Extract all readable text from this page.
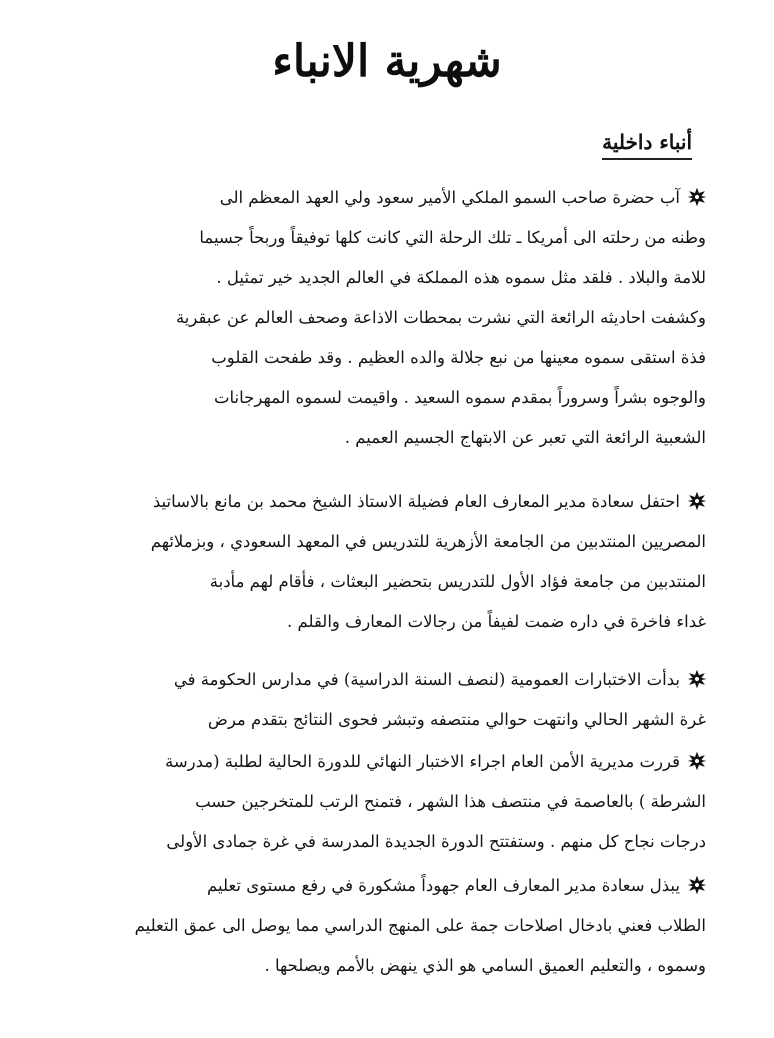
شهرية الانباء
أنباء داخلية
آب حضرة صاحب السمو الملكي الأمير سعود ولي العهد المعظم الى
وطنه من رحلته الى أمريكا ـ تلك الرحلة التي كانت كلها توفيقاً وربحاً جسيما
للامة والبلاد . فلقد مثل سموه هذه المملكة في العالم الجديد خير تمثيل .
وكشفت احاديثه الرائعة التي نشرت بمحطات الاذاعة وصحف العالم عن عبقرية
فذة استقى سموه معينها من نبع جلالة والده العظيم . وقد طفحت القلوب
والوجوه بشراً وسروراً بمقدم سموه السعيد . واقيمت لسموه المهرجانات
الشعبية الرائعة التي تعبر عن الابتهاج الجسيم العميم .
احتفل سعادة مدير المعارف العام فضيلة الاستاذ الشيخ محمد بن مانع بالاساتيذ
المصريين المنتدبين من الجامعة الأزهرية للتدريس في المعهد السعودي ، وبزملائهم
المنتدبين من جامعة فؤاد الأول للتدريس بتحضير البعثات ، فأقام لهم مأدبة
غداء فاخرة في داره ضمت لفيفاً من رجالات المعارف والقلم .
بدأت الاختبارات العمومية (لنصف السنة الدراسية) في مدارس الحكومة في
غرة الشهر الحالي وانتهت حوالي منتصفه وتبشر فحوى النتائج بتقدم مرض
قررت مديرية الأمن العام اجراء الاختبار النهائي للدورة الحالية لطلبة (مدرسة
الشرطة ) بالعاصمة في منتصف هذا الشهر ، فتمنح الرتب للمتخرجين حسب
درجات نجاح كل منهم . وستفتتح الدورة الجديدة المدرسة في غرة جمادى الأولى
يبذل سعادة مدير المعارف العام جهوداً مشكورة في رفع مستوى تعليم
الطلاب فعني بادخال اصلاحات جمة على المنهج الدراسي مما يوصل الى عمق التعليم
وسموه ، والتعليم العميق السامي هو الذي ينهض بالأمم ويصلحها .
